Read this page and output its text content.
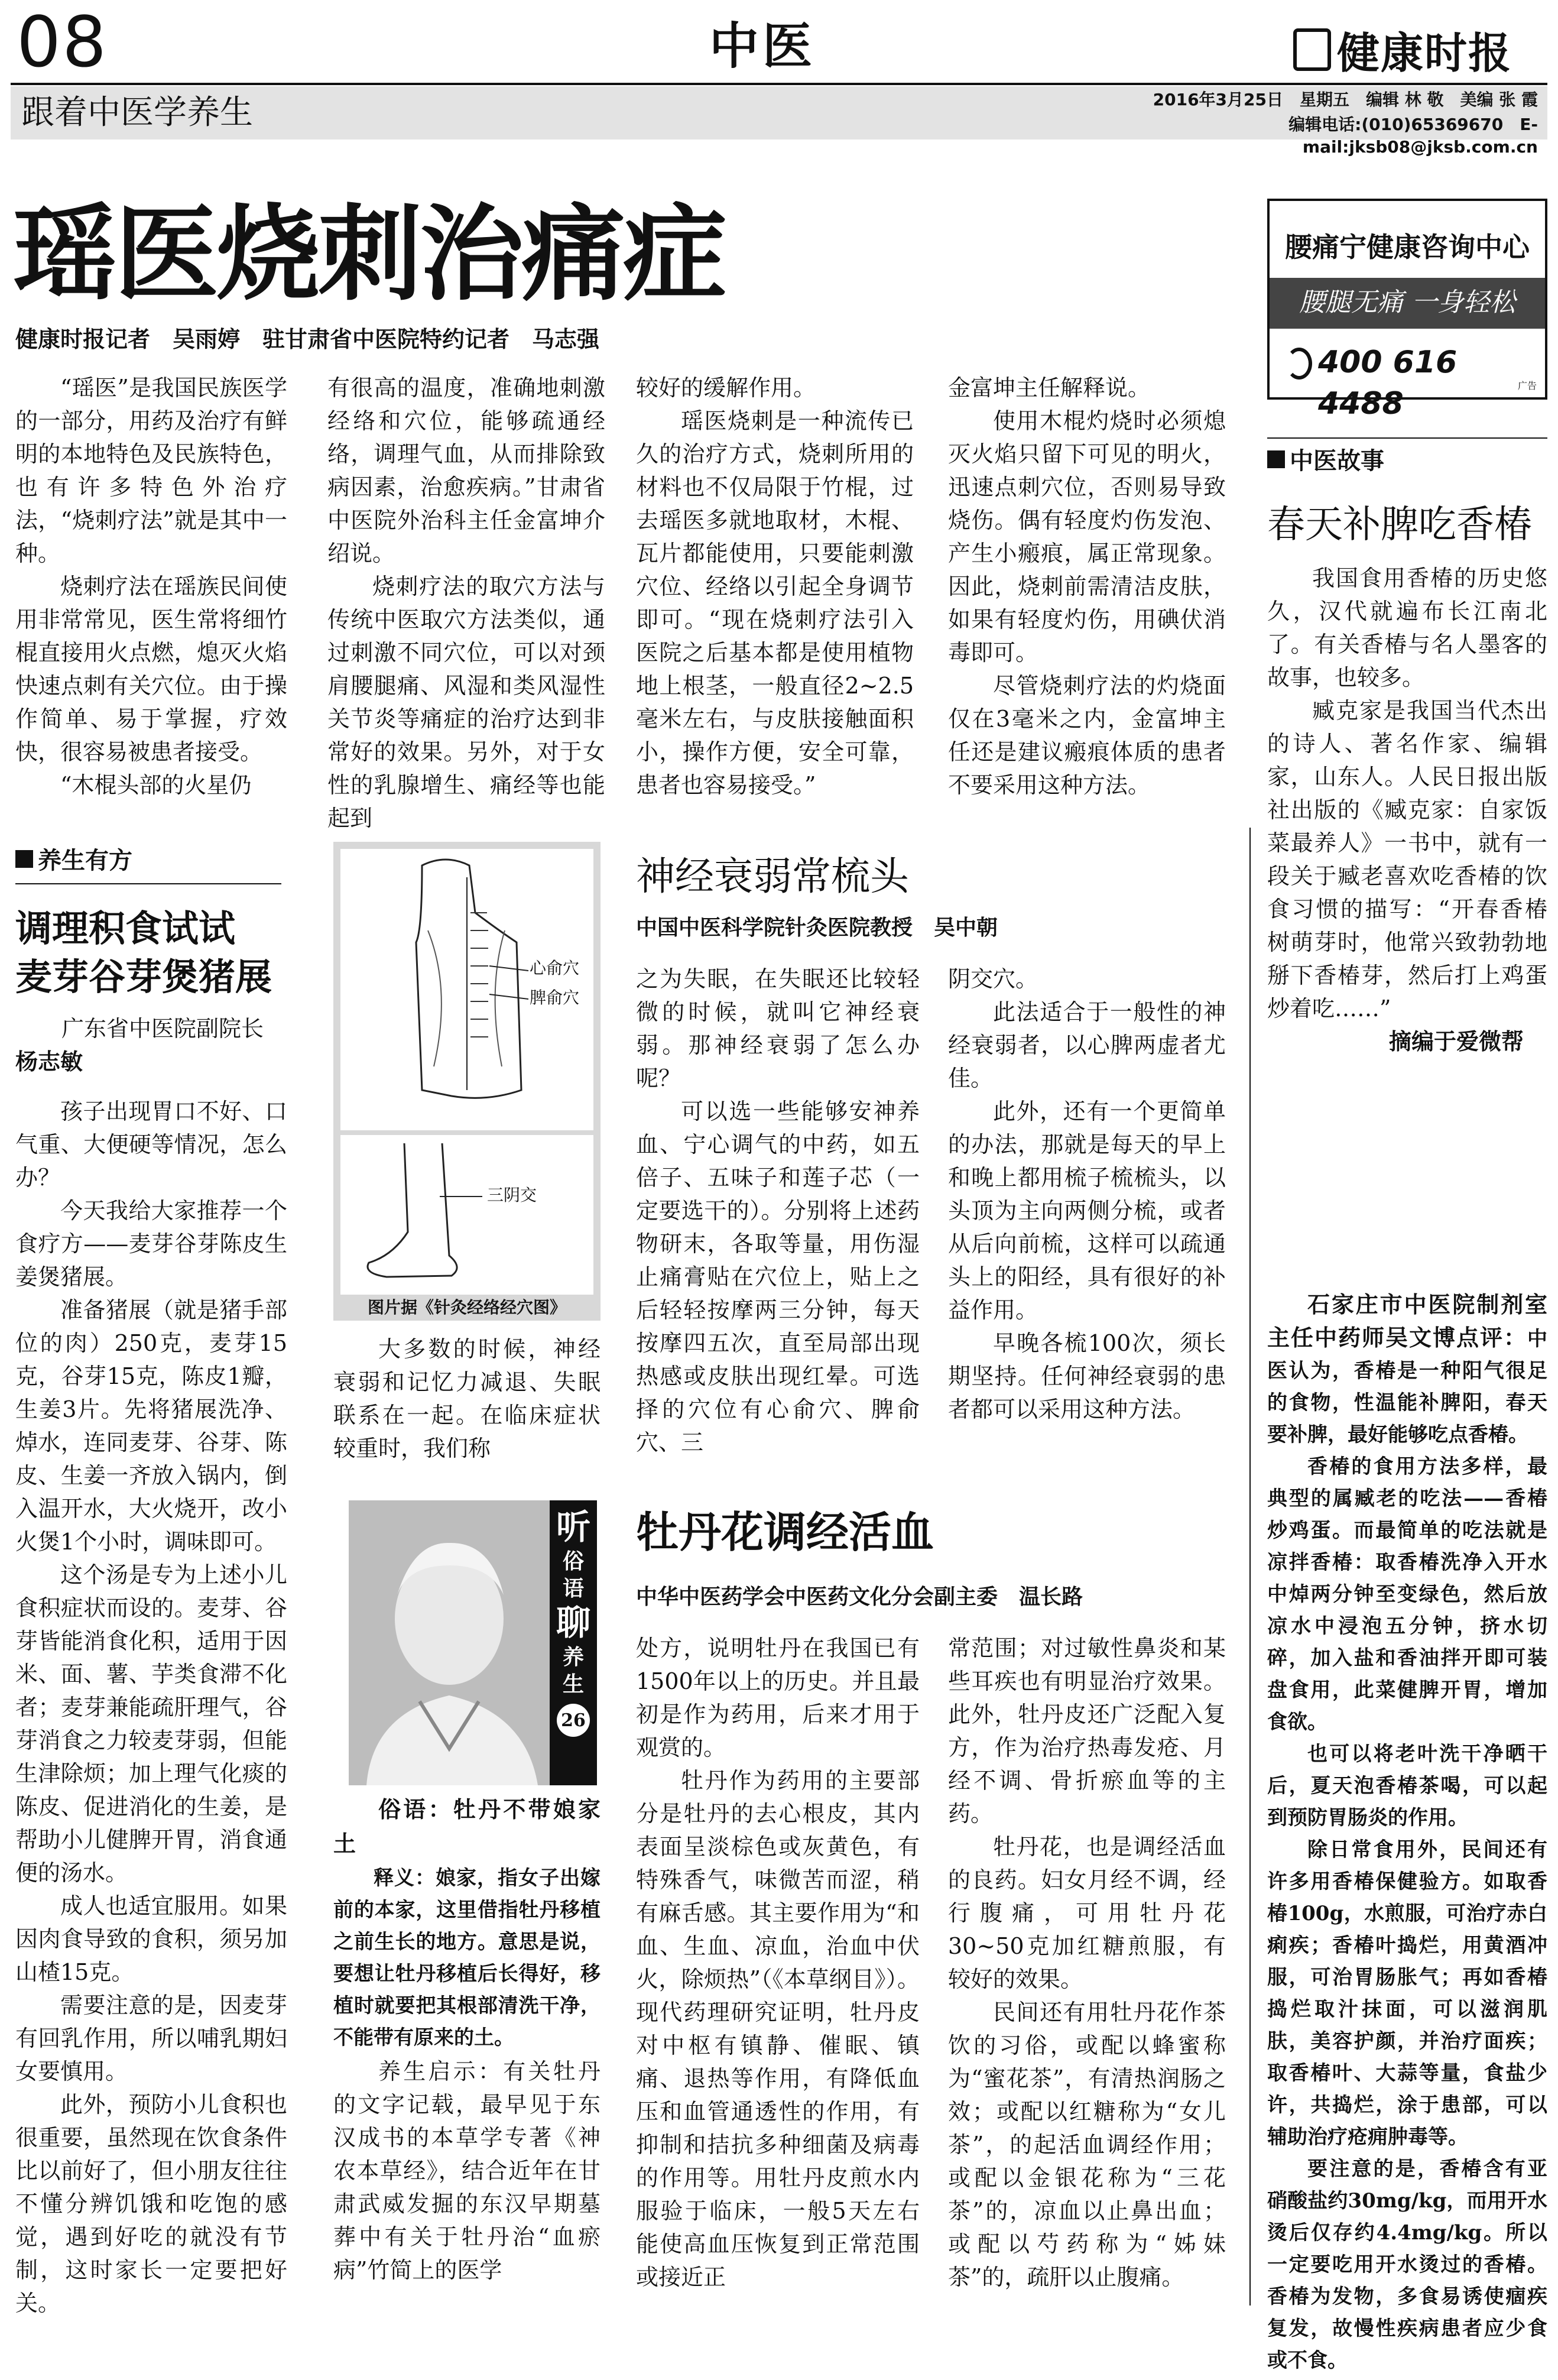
08	中医	健康时报
跟着中医学养生	2016年3月25日　星期五　编辑 林 敬　美编 张 霞
编辑电话:(010)65369670　E-mail:jksb08@jksb.com.cn
瑶医烧刺治痛症
健康时报记者　吴雨婷　驻甘肃省中医院特约记者　马志强

“瑶医”是我国民族医学的一部分，用药及治疗有鲜明的本地特色及民族特色，也有许多特色外治疗法，“烧刺疗法”就是其中一种。

烧刺疗法在瑶族民间使用非常常见，医生常将细竹棍直接用火点燃，熄灭火焰快速点刺有关穴位。由于操作简单、易于掌握，疗效快，很容易被患者接受。

“木棍头部的火星仍

有很高的温度，准确地刺激经络和穴位，能够疏通经络，调理气血，从而排除致病因素，治愈疾病。”甘肃省中医院外治科主任金富坤介绍说。

烧刺疗法的取穴方法与传统中医取穴方法类似，通过刺激不同穴位，可以对颈肩腰腿痛、风湿和类风湿性关节炎等痛症的治疗达到非常好的效果。另外，对于女性的乳腺增生、痛经等也能起到

较好的缓解作用。

瑶医烧刺是一种流传已久的治疗方式，烧刺所用的材料也不仅局限于竹棍，过去瑶医多就地取材，木棍、瓦片都能使用，只要能刺激穴位、经络以引起全身调节即可。“现在烧刺疗法引入医院之后基本都是使用植物地上根茎，一般直径2~2.5毫米左右，与皮肤接触面积小，操作方便，安全可靠，患者也容易接受。”

金富坤主任解释说。

使用木棍灼烧时必须熄灭火焰只留下可见的明火，迅速点刺穴位，否则易导致烧伤。偶有轻度灼伤发泡、产生小瘢痕，属正常现象。因此，烧刺前需清洁皮肤，如果有轻度灼伤，用碘伏消毒即可。

尽管烧刺疗法的灼烧面仅在3毫米之内，金富坤主任还是建议瘢痕体质的患者不要采用这种方法。

腰痛宁健康咨询中心
腰腿无痛 一身轻松
400 616 4488
广告
中医故事
春天补脾吃香椿

我国食用香椿的历史悠久，汉代就遍布长江南北了。有关香椿与名人墨客的故事，也较多。

臧克家是我国当代杰出的诗人、著名作家、编辑家，山东人。人民日报出版社出版的《臧克家：自家饭菜最养人》一书中，就有一段关于臧老喜欢吃香椿的饮食习惯的描写：“开春香椿树萌芽时，他常兴致勃勃地掰下香椿芽，然后打上鸡蛋炒着吃……”

摘编于爱微帮

石家庄市中医院制剂室主任中药师吴文博点评：中医认为，香椿是一种阳气很足的食物，性温能补脾阳，春天要补脾，最好能够吃点香椿。

香椿的食用方法多样，最典型的属臧老的吃法——香椿炒鸡蛋。而最简单的吃法就是凉拌香椿：取香椿洗净入开水中焯两分钟至变绿色，然后放凉水中浸泡五分钟，挤水切碎，加入盐和香油拌开即可装盘食用，此菜健脾开胃，增加食欲。

也可以将老叶洗干净晒干后，夏天泡香椿茶喝，可以起到预防胃肠炎的作用。

除日常食用外，民间还有许多用香椿保健验方。如取香椿100g，水煎服，可治疗赤白痢疾；香椿叶捣烂，用黄酒冲服，可治胃肠胀气；再如香椿捣烂取汁抹面，可以滋润肌肤，美容护颜，并治疗面疾；取香椿叶、大蒜等量，食盐少许，共捣烂，涂于患部，可以辅助治疗疮痈肿毒等。

要注意的是，香椿含有亚硝酸盐约30mg/kg，而用开水烫后仅存约4.4mg/kg。所以一定要吃用开水烫过的香椿。香椿为发物，多食易诱使痼疾复发，故慢性疾病患者应少食或不食。

养生有方
调理积食试试
麦芽谷芽煲猪展
广东省中医院副院长
杨志敏

孩子出现胃口不好、口气重、大便硬等情况，怎么办？

今天我给大家推荐一个食疗方——麦芽谷芽陈皮生姜煲猪展。

准备猪展（就是猪手部位的肉）250克，麦芽15克，谷芽15克，陈皮1瓣，生姜3片。先将猪展洗净、焯水，连同麦芽、谷芽、陈皮、生姜一齐放入锅内，倒入温开水，大火烧开，改小火煲1个小时，调味即可。

这个汤是专为上述小儿食积症状而设的。麦芽、谷芽皆能消食化积，适用于因米、面、薯、芋类食滞不化者；麦芽兼能疏肝理气，谷芽消食之力较麦芽弱，但能生津除烦；加上理气化痰的陈皮、促进消化的生姜，是帮助小儿健脾开胃，消食通便的汤水。

成人也适宜服用。如果因肉食导致的食积，须另加山楂15克。

需要注意的是，因麦芽有回乳作用，所以哺乳期妇女要慎用。

此外，预防小儿食积也很重要，虽然现在饮食条件比以前好了，但小朋友往往不懂分辨饥饿和吃饱的感觉，遇到好吃的就没有节制，这时家长一定要把好关。

心俞穴
脾俞穴
三阴交
图片据《针灸经络经穴图》

大多数的时候，神经衰弱和记忆力减退、失眠联系在一起。在临床症状较重时，我们称

神经衰弱常梳头
中国中医科学院针灸医院教授　吴中朝

之为失眠，在失眠还比较轻微的时候，就叫它神经衰弱。那神经衰弱了怎么办呢？

可以选一些能够安神养血、宁心调气的中药，如五倍子、五味子和莲子芯（一定要选干的）。分别将上述药物研末，各取等量，用伤湿止痛膏贴在穴位上，贴上之后轻轻按摩两三分钟，每天按摩四五次，直至局部出现热感或皮肤出现红晕。可选择的穴位有心俞穴、脾俞穴、三

阴交穴。

此法适合于一般性的神经衰弱者，以心脾两虚者尤佳。

此外，还有一个更简单的办法，那就是每天的早上和晚上都用梳子梳梳头，以头顶为主向两侧分梳，或者从后向前梳，这样可以疏通头上的阳经，具有很好的补益作用。

早晚各梳100次，须长期坚持。任何神经衰弱的患者都可以采用这种方法。

听
俗
语
聊
养
生
26
俗语：牡丹不带娘家土
释义：娘家，指女子出嫁前的本家，这里借指牡丹移植之前生长的地方。意思是说，要想让牡丹移植后长得好，移植时就要把其根部清洗干净，不能带有原来的土。
养生启示：有关牡丹的文字记载，最早见于东汉成书的本草学专著《神农本草经》，结合近年在甘肃武威发掘的东汉早期墓葬中有关于牡丹治“血瘀病”竹简上的医学
牡丹花调经活血
中华中医药学会中医药文化分会副主委　温长路

处方，说明牡丹在我国已有1500年以上的历史。并且最初是作为药用，后来才用于观赏的。

牡丹作为药用的主要部分是牡丹的去心根皮，其内表面呈淡棕色或灰黄色，有特殊香气，味微苦而涩，稍有麻舌感。其主要作用为“和血、生血、凉血，治血中伏火，除烦热”（《本草纲目》）。现代药理研究证明，牡丹皮对中枢有镇静、催眠、镇痛、退热等作用，有降低血压和血管通透性的作用，有抑制和拮抗多种细菌及病毒的作用等。用牡丹皮煎水内服验于临床，一般5天左右能使高血压恢复到正常范围或接近正

常范围；对过敏性鼻炎和某些耳疾也有明显治疗效果。此外，牡丹皮还广泛配入复方，作为治疗热毒发疮、月经不调、骨折瘀血等的主药。

牡丹花，也是调经活血的良药。妇女月经不调，经行腹痛，可用牡丹花30~50克加红糖煎服，有较好的效果。

民间还有用牡丹花作茶饮的习俗，或配以蜂蜜称为“蜜花茶”，有清热润肠之效；或配以红糖称为“女儿茶”，的起活血调经作用；或配以金银花称为“三花茶”的，凉血以止鼻出血；或配以芍药称为“姊妹茶”的，疏肝以止腹痛。
